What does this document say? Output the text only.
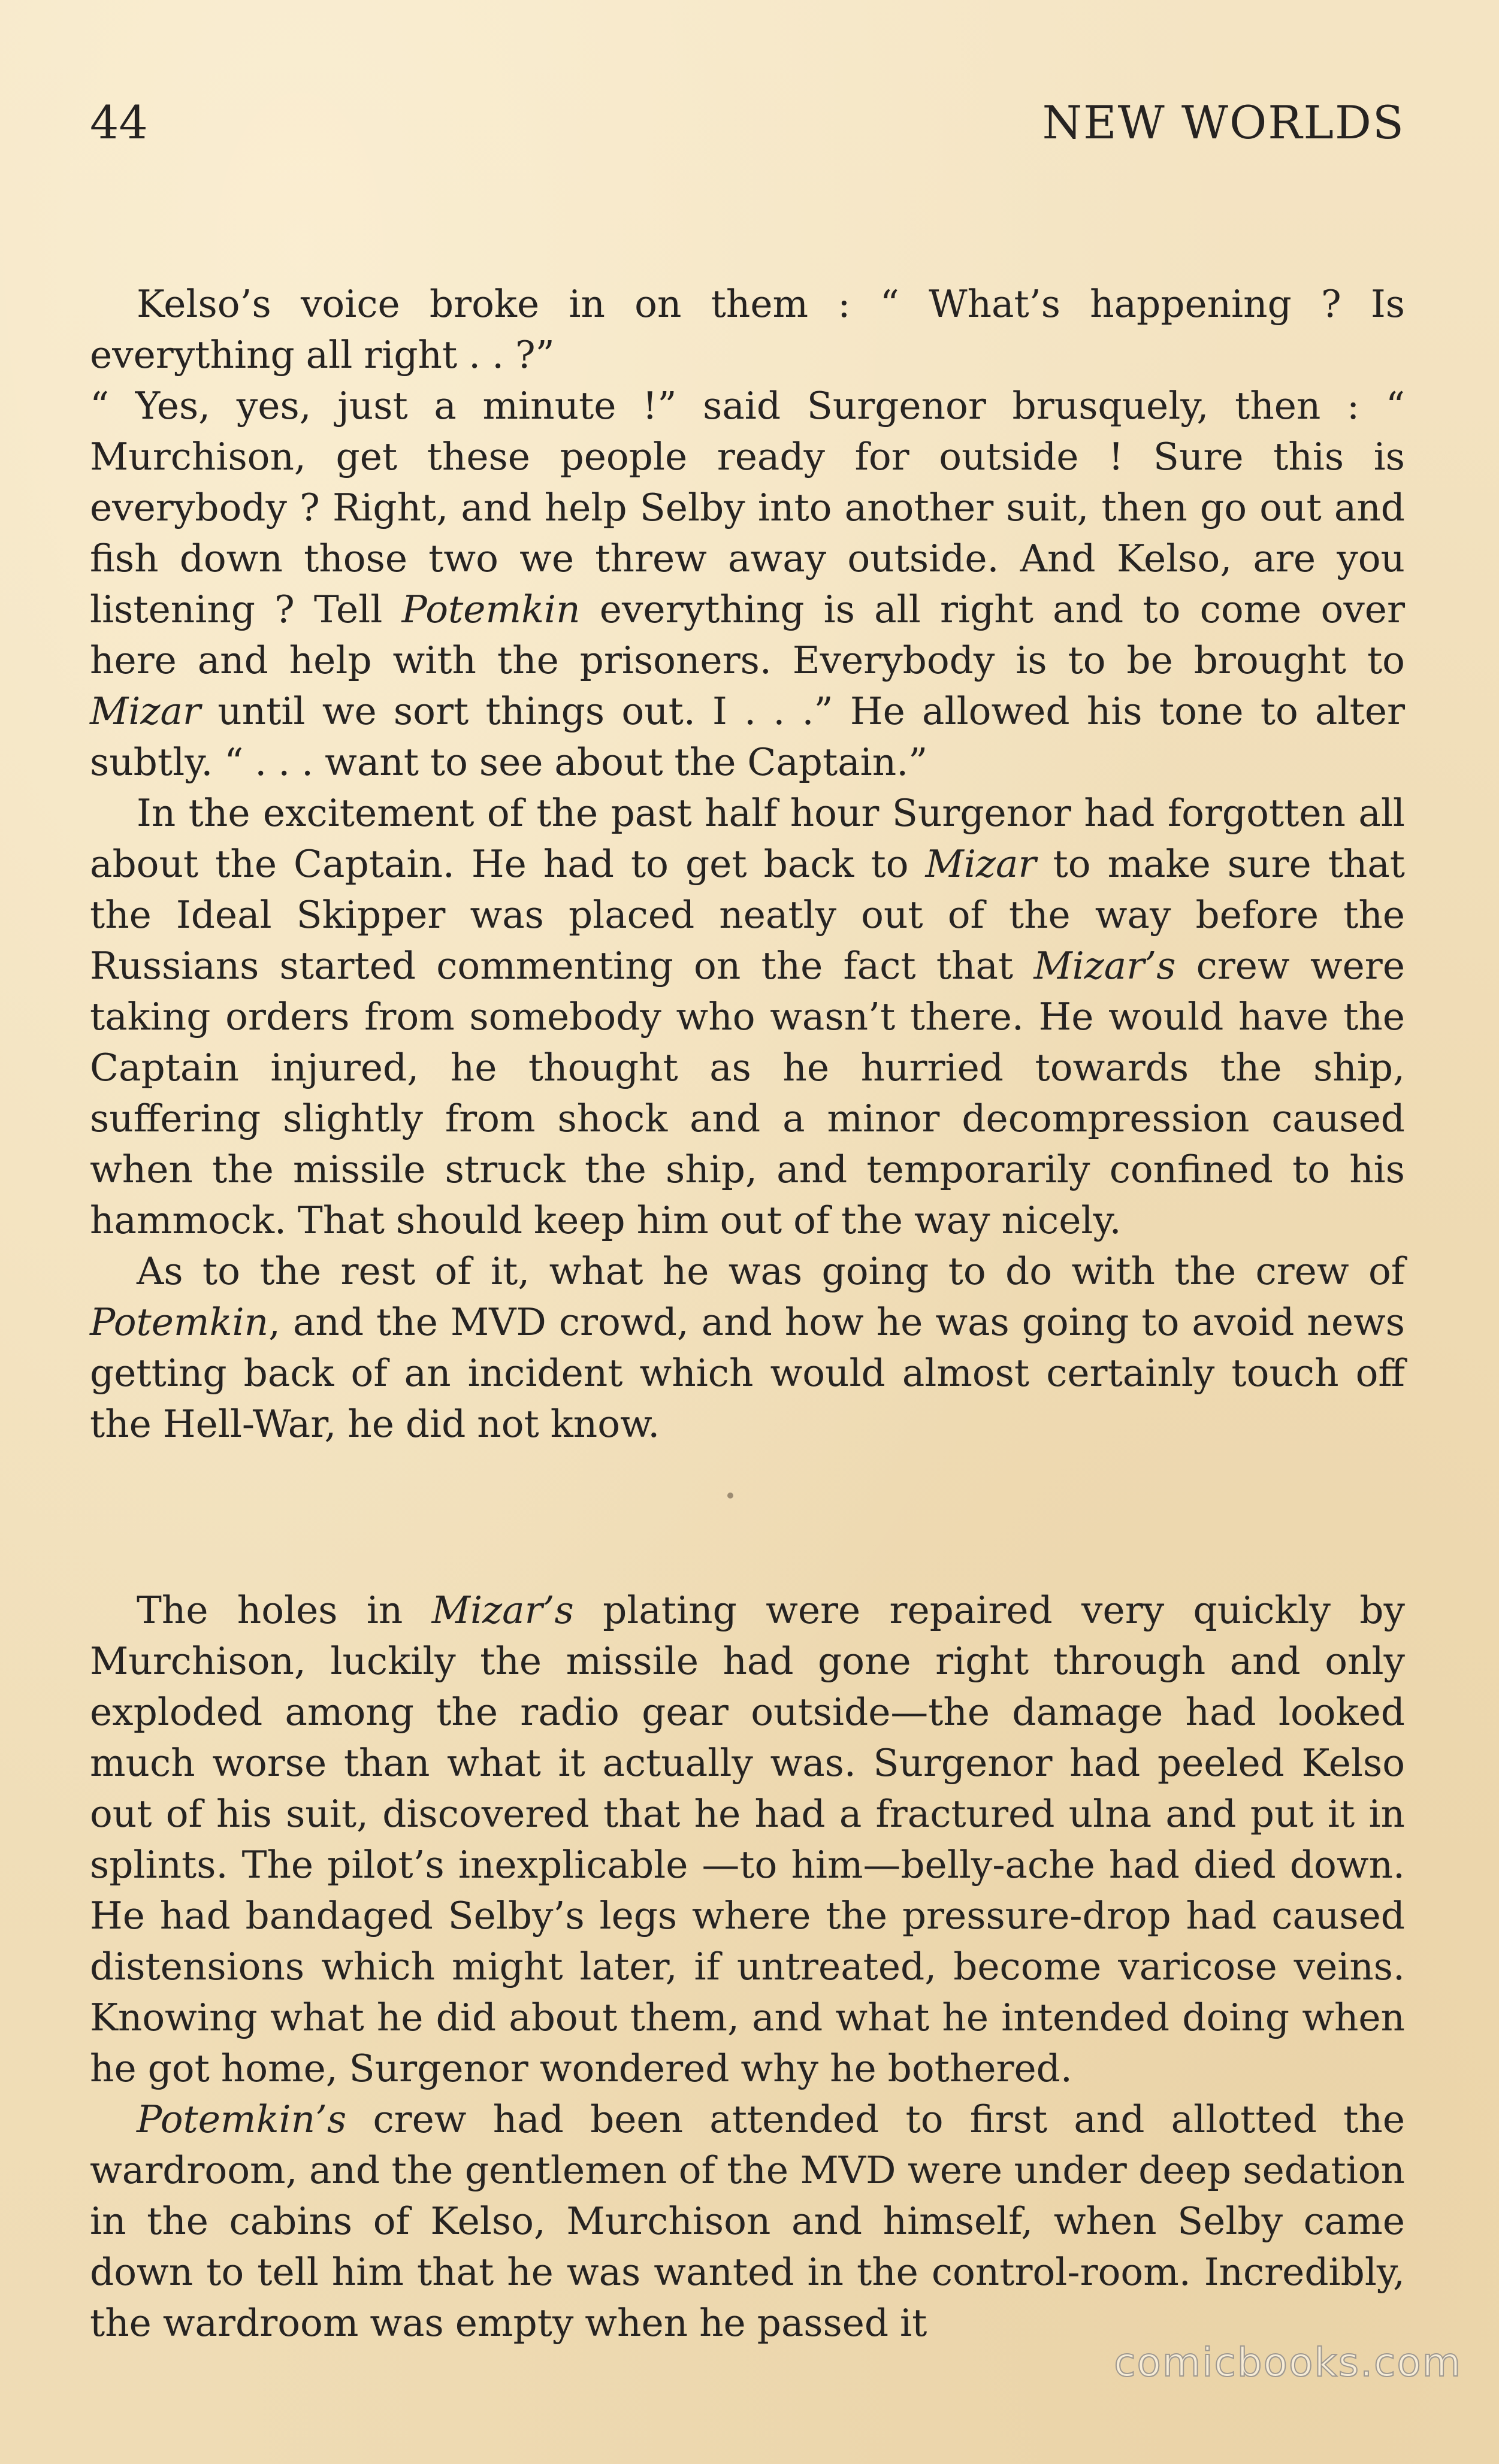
44	NEW WORLDS

Kelso’s voice broke in on them : “ What’s happening ? Is everything all right . . ?”

“ Yes, yes, just a minute !” said Surgenor brusquely, then : “ Murchison, get these people ready for outside ! Sure this is everybody ? Right, and help Selby into another suit, then go out and fish down those two we threw away outside. And Kelso, are you listening ? Tell Potemkin everything is all right and to come over here and help with the prisoners. Everybody is to be brought to Mizar until we sort things out. I . . .” He allowed his tone to alter subtly. “ . . . want to see about the Captain.”

In the excitement of the past half hour Surgenor had forgotten all about the Captain. He had to get back to Mizar to make sure that the Ideal Skipper was placed neatly out of the way before the Russians started commenting on the fact that Mizar’s crew were taking orders from somebody who wasn’t there. He would have the Captain injured, he thought as he hurried towards the ship, suffering slightly from shock and a minor decompression caused when the missile struck the ship, and temporarily confined to his hammock. That should keep him out of the way nicely.

As to the rest of it, what he was going to do with the crew of Potemkin, and the MVD crowd, and how he was going to avoid news getting back of an incident which would almost certainly touch off the Hell-War, he did not know.

The holes in Mizar’s plating were repaired very quickly by Murchison, luckily the missile had gone right through and only exploded among the radio gear outside—the damage had looked much worse than what it actually was. Surgenor had peeled Kelso out of his suit, discovered that he had a fractured ulna and put it in splints. The pilot’s inexplicable —to him—belly-ache had died down. He had bandaged Selby’s legs where the pressure-drop had caused distensions which might later, if untreated, become varicose veins. Knowing what he did about them, and what he intended doing when he got home, Surgenor wondered why he bothered.

Potemkin’s crew had been attended to first and allotted the wardroom, and the gentlemen of the MVD were under deep sedation in the cabins of Kelso, Murchison and himself, when Selby came down to tell him that he was wanted in the control-room. Incredibly, the wardroom was empty when he passed it

comicbooks.com
